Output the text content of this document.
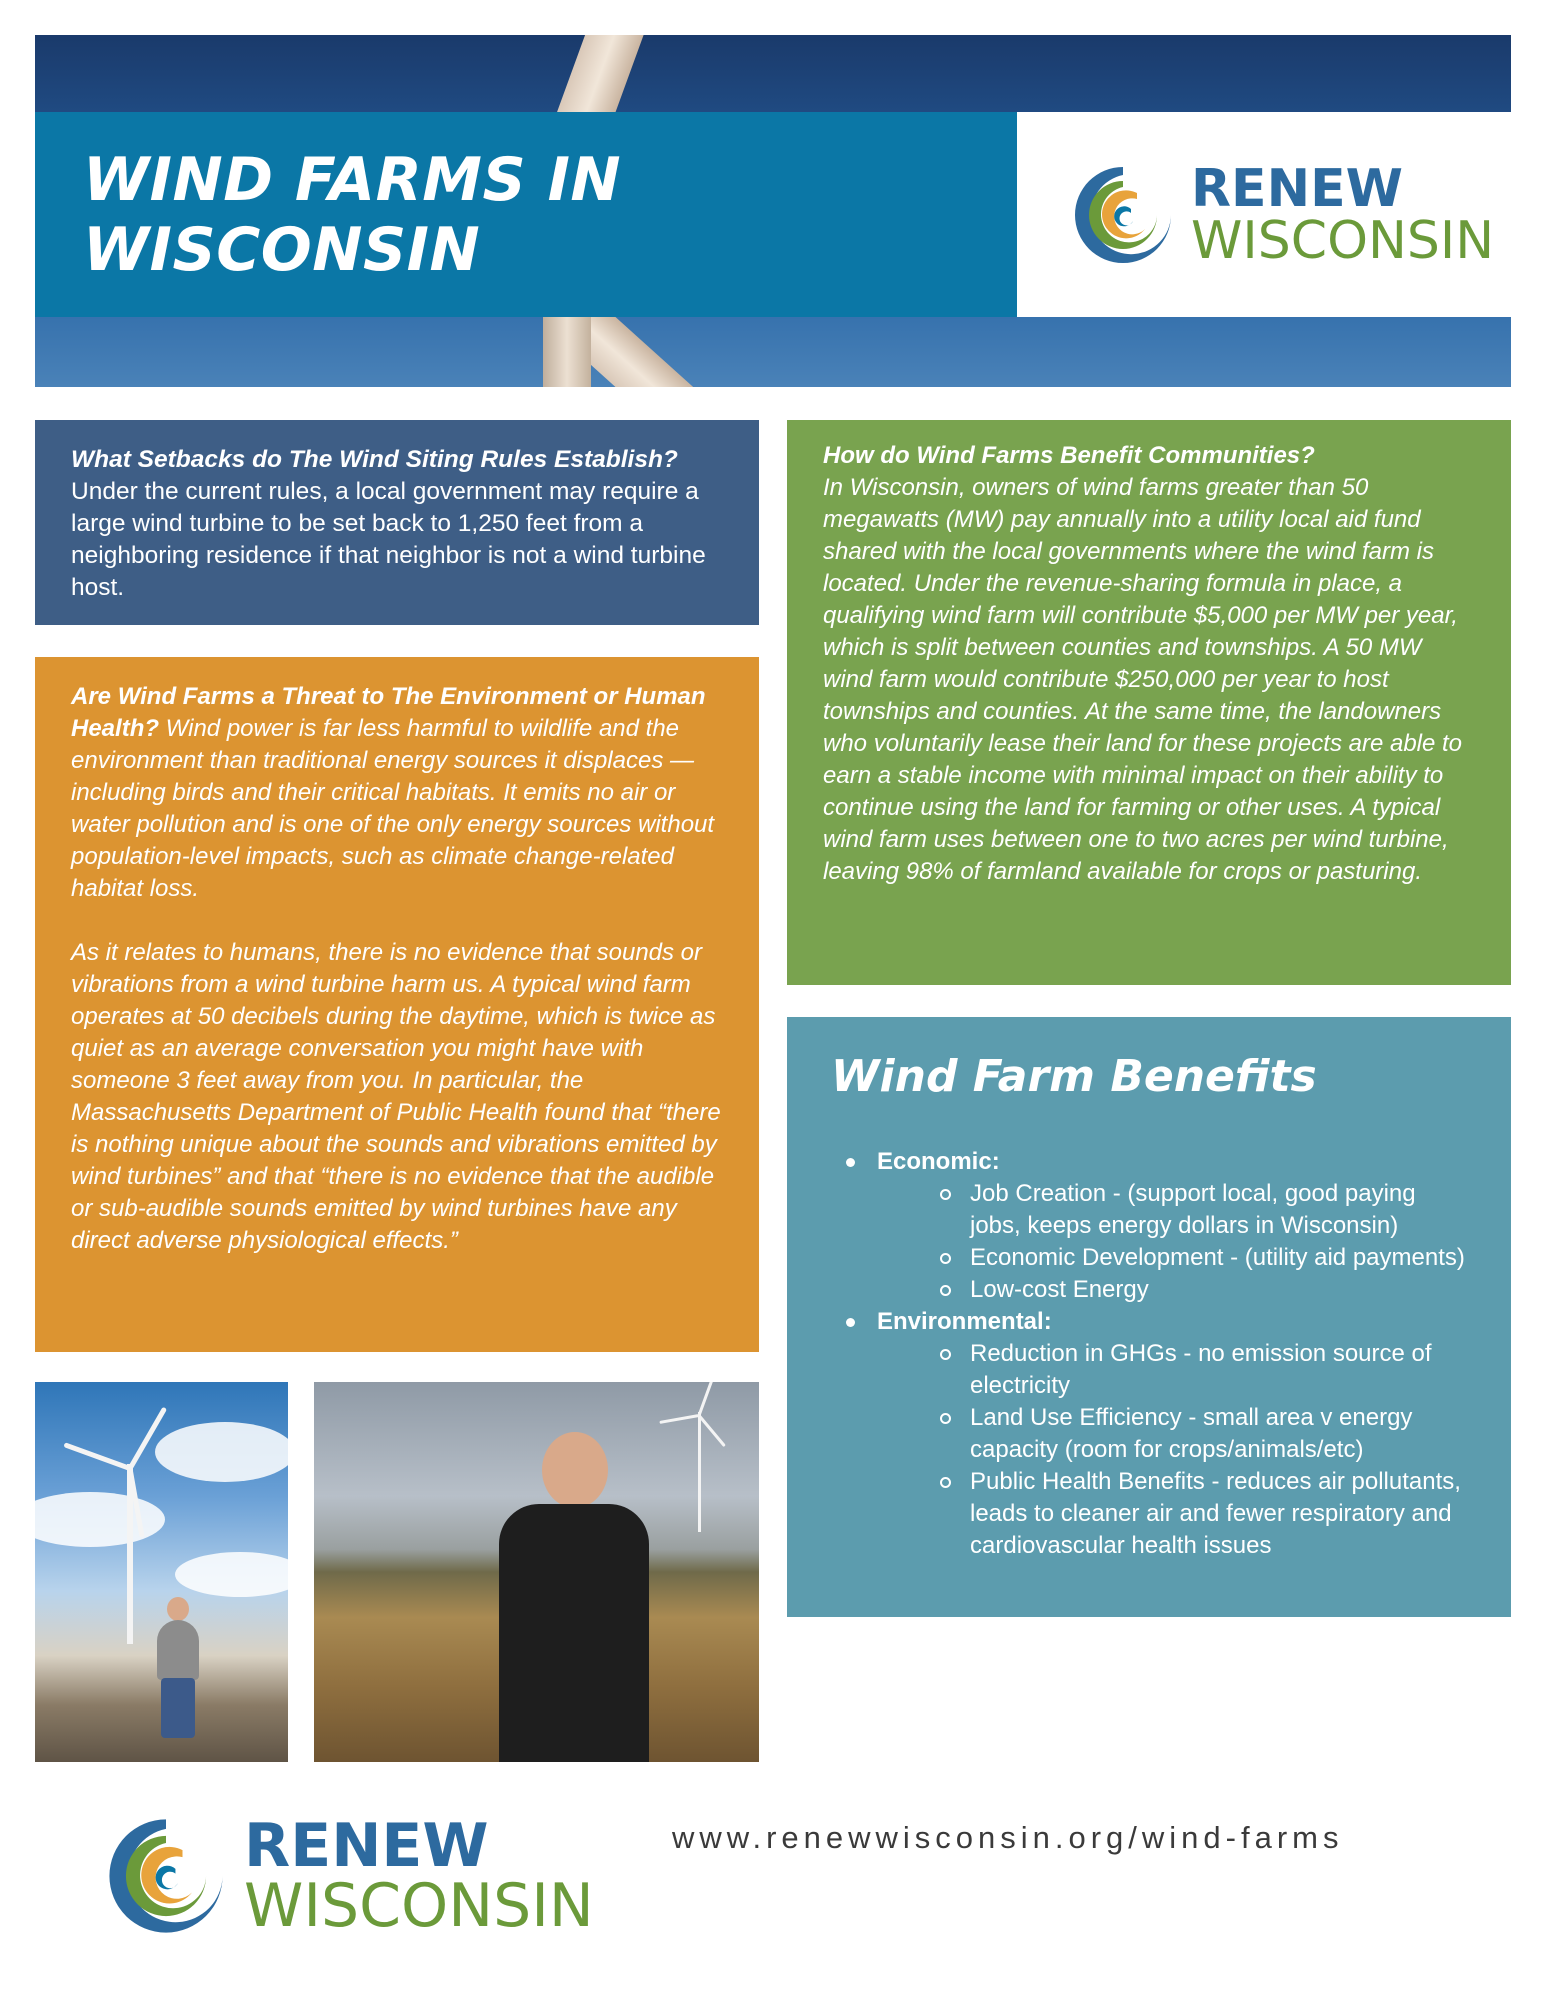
WIND FARMS IN WISCONSIN
RENEW
WISCONSIN

What Setbacks do The Wind Siting Rules Establish? Under the current rules, a local government may require a large wind turbine to be set back to 1,250 feet from a neighboring residence if that neighbor is not a wind turbine host.

Are Wind Farms a Threat to The Environment or Human Health? Wind power is far less harmful to wildlife and the environment than traditional energy sources it displaces — including birds and their critical habitats. It emits no air or water pollution and is one of the only energy sources without population-level impacts, such as climate change-related habitat loss.

As it relates to humans, there is no evidence that sounds or vibrations from a wind turbine harm us. A typical wind farm operates at 50 decibels during the daytime, which is twice as quiet as an average conversation you might have with someone 3 feet away from you. In particular, the Massachusetts Department of Public Health found that “there is nothing unique about the sounds and vibrations emitted by wind turbines” and that “there is no evidence that the audible or sub-audible sounds emitted by wind turbines have any direct adverse physiological effects.”

How do Wind Farms Benefit Communities?
In Wisconsin, owners of wind farms greater than 50 megawatts (MW) pay annually into a utility local aid fund shared with the local governments where the wind farm is located. Under the revenue-sharing formula in place, a qualifying wind farm will contribute $5,000 per MW per year, which is split between counties and townships. A 50 MW wind farm would contribute $250,000 per year to host townships and counties. At the same time, the landowners who voluntarily lease their land for these projects are able to earn a stable income with minimal impact on their ability to continue using the land for farming or other uses. A typical wind farm uses between one to two acres per wind turbine, leaving 98% of farmland available for crops or pasturing.

Wind Farm Benefits
Economic:
Job Creation - (support local, good paying jobs, keeps energy dollars in Wisconsin)
Economic Development - (utility aid payments)
Low-cost Energy
Environmental:
Reduction in GHGs - no emission source of electricity
Land Use Efficiency - small area v energy capacity (room for crops/animals/etc)
Public Health Benefits - reduces air pollutants, leads to cleaner air and fewer respiratory and cardiovascular health issues
RENEW
WISCONSIN
www.renewwisconsin.org/wind-farms
